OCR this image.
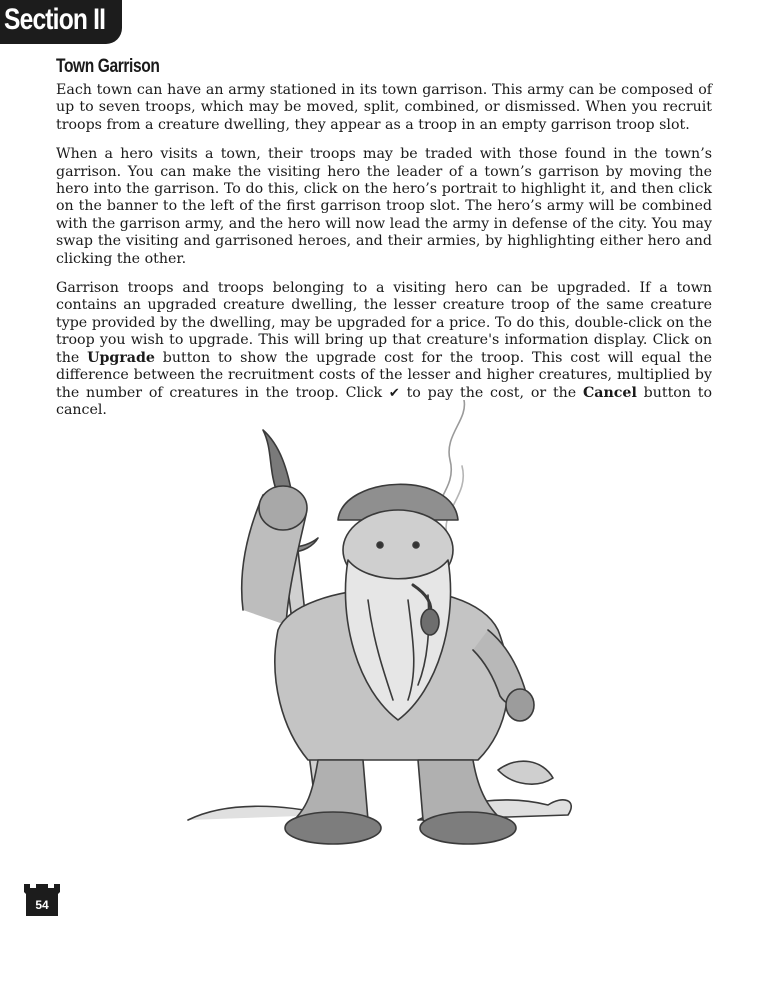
Section II
Town Garrison

Each town can have an army stationed in its town garrison. This army can be composed of up to seven troops, which may be moved, split, combined, or dismissed. When you recruit troops from a creature dwelling, they appear as a troop in an empty garrison troop slot.

When a hero visits a town, their troops may be traded with those found in the town’s garrison. You can make the visiting hero the leader of a town’s garrison by moving the hero into the garrison. To do this, click on the hero’s portrait to highlight it, and then click on the banner to the left of the first garrison troop slot. The hero’s army will be combined with the garrison army, and the hero will now lead the army in defense of the city. You may swap the visiting and garrisoned heroes, and their armies, by highlighting either hero and clicking the other.

Garrison troops and troops belonging to a visiting hero can be upgraded. If a town contains an upgraded creature dwelling, the lesser creature troop of the same creature type provided by the dwelling, may be upgraded for a price. To do this, double-click on the troop you wish to upgrade. This will bring up that creature's information display. Click on the Upgrade button to show the upgrade cost for the troop. This cost will equal the difference between the recruitment costs of the lesser and higher creatures, multiplied by the number of creatures in the troop. Click ✔ to pay the cost, or the Cancel button to cancel.

54
